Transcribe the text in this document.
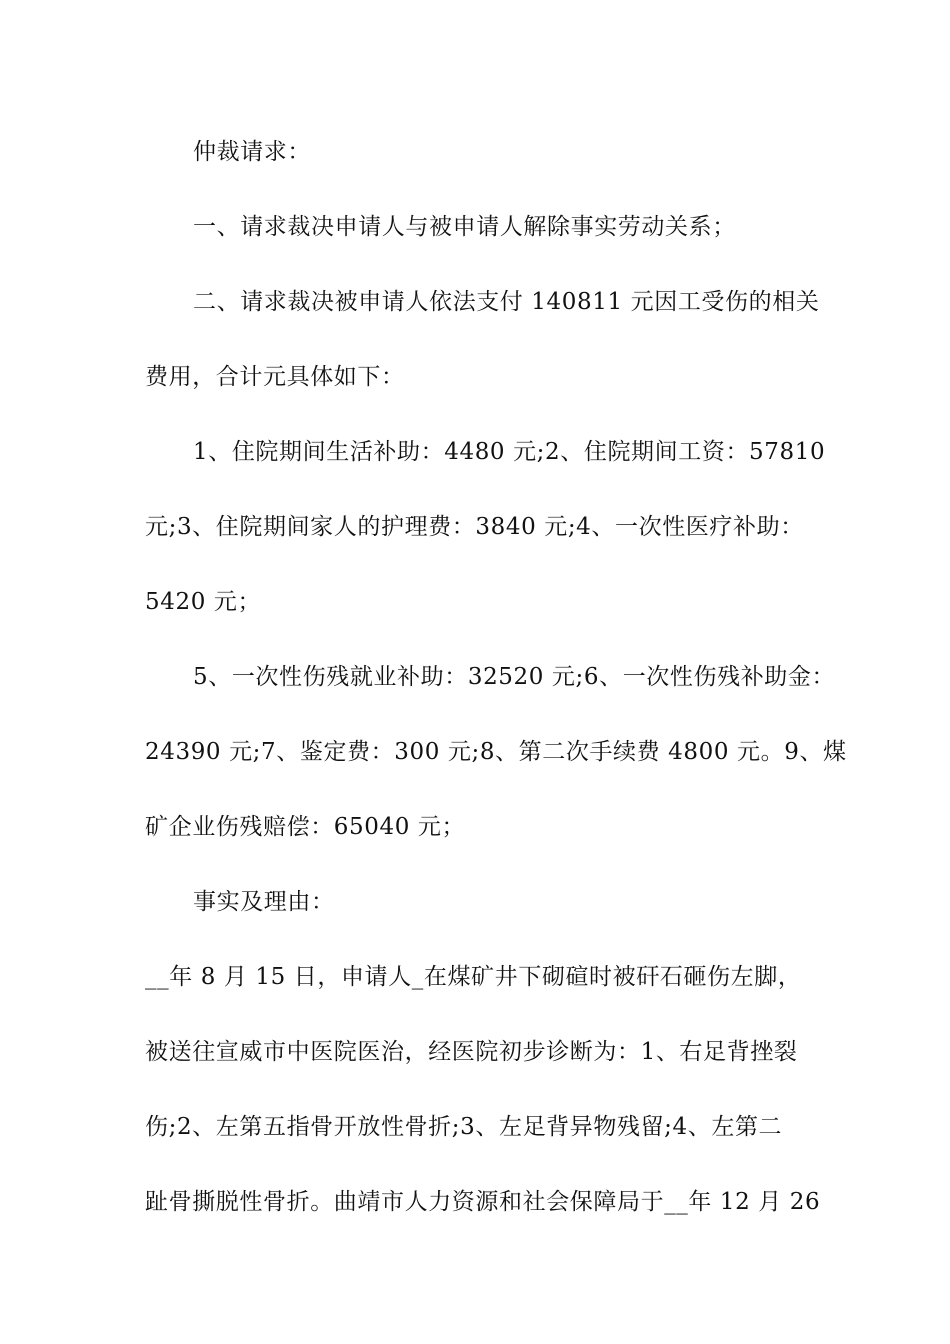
仲裁请求：
一、请求裁决申请人与被申请人解除事实劳动关系；
二、请求裁决被申请人依法支付 140811 元因工受伤的相关
费用，合计元具体如下：
1、住院期间生活补助：4480 元;2、住院期间工资：57810
元;3、住院期间家人的护理费：3840 元;4、一次性医疗补助：
5420 元；
5、一次性伤残就业补助：32520 元;6、一次性伤残补助金：
24390 元;7、鉴定费：300 元;8、第二次手续费 4800 元。9、煤
矿企业伤残赔偿：65040 元；
事实及理由：
__年 8 月 15 日，申请人_在煤矿井下砌碹时被矸石砸伤左脚，
被送往宣威市中医院医治，经医院初步诊断为：1、右足背挫裂
伤;2、左第五指骨开放性骨折;3、左足背异物残留;4、左第二
趾骨撕脱性骨折。曲靖市人力资源和社会保障局于__年 12 月 26
